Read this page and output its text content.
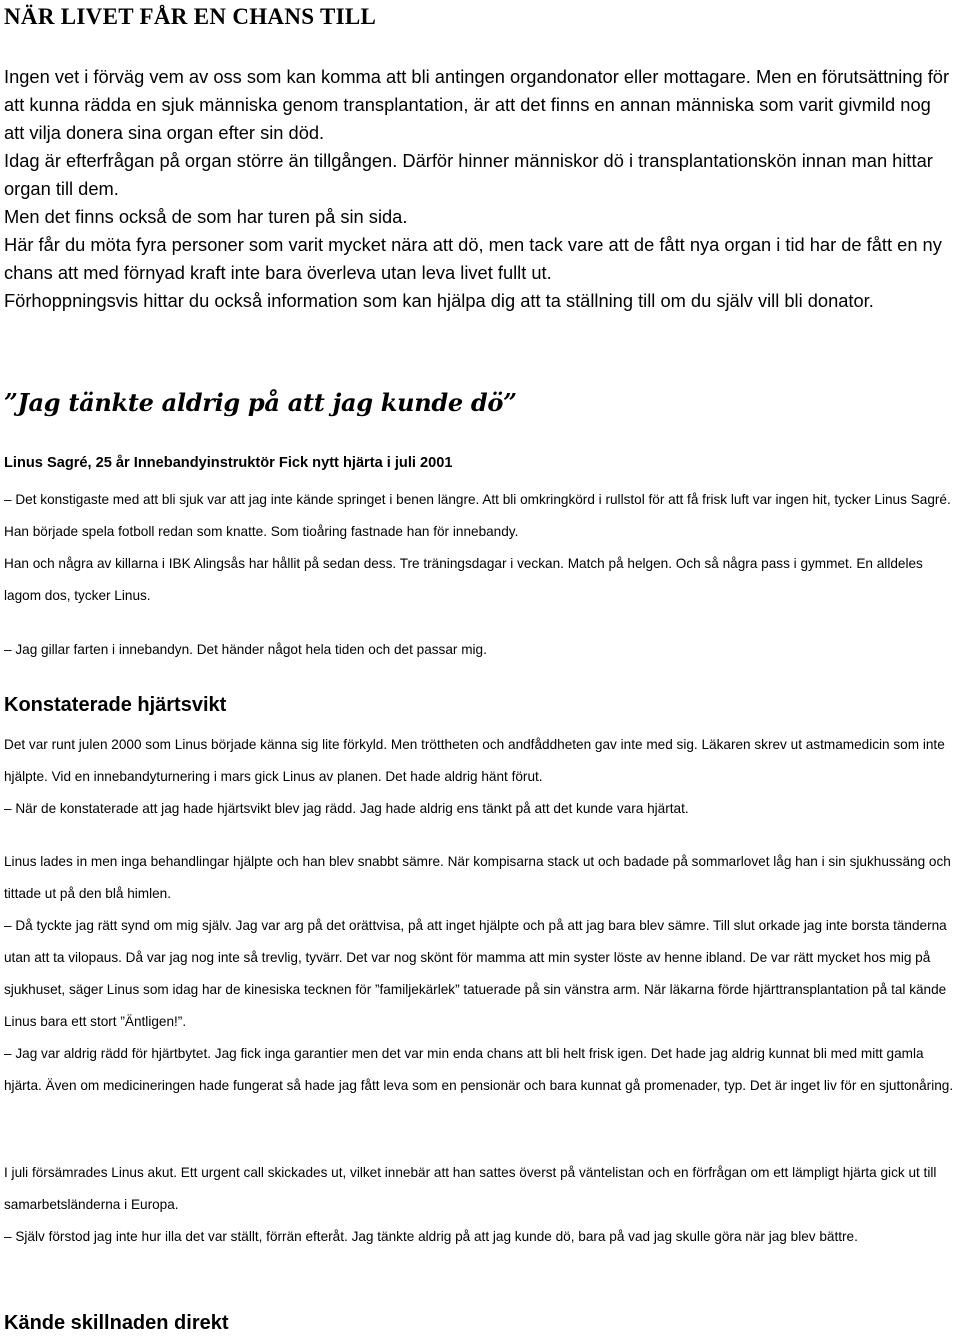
NÄR LIVET FÅR EN CHANS TILL

Ingen vet i förväg vem av oss som kan komma att bli antingen organdonator eller mottagare. Men en förutsättning för att kunna rädda en sjuk människa genom transplantation, är att det finns en annan människa som varit givmild nog att vilja donera sina organ efter sin död.

Idag är efterfrågan på organ större än tillgången. Därför hinner människor dö i transplantationskön innan man hittar organ till dem.

Men det finns också de som har turen på sin sida.

Här får du möta fyra personer som varit mycket nära att dö, men tack vare att de fått nya organ i tid har de fått en ny chans att med förnyad kraft inte bara överleva utan leva livet fullt ut.

Förhoppningsvis hittar du också information som kan hjälpa dig att ta ställning till om du själv vill bli donator.

”Jag tänkte aldrig på att jag kunde dö”

Linus Sagré, 25 år Innebandyinstruktör Fick nytt hjärta i juli 2001

– Det konstigaste med att bli sjuk var att jag inte kände springet i benen längre. Att bli omkringkörd i rullstol för att få frisk luft var ingen hit, tycker Linus Sagré. Han började spela fotboll redan som knatte. Som tioåring fastnade han för innebandy.

Han och några av killarna i IBK Alingsås har hållit på sedan dess. Tre träningsdagar i veckan. Match på helgen. Och så några pass i gymmet. En alldeles lagom dos, tycker Linus.

– Jag gillar farten i innebandyn. Det händer något hela tiden och det passar mig.

Konstaterade hjärtsvikt

Det var runt julen 2000 som Linus började känna sig lite förkyld. Men tröttheten och andfåddheten gav inte med sig. Läkaren skrev ut astmamedicin som inte hjälpte. Vid en innebandyturnering i mars gick Linus av planen. Det hade aldrig hänt förut.

– När de konstaterade att jag hade hjärtsvikt blev jag rädd. Jag hade aldrig ens tänkt på att det kunde vara hjärtat.

Linus lades in men inga behandlingar hjälpte och han blev snabbt sämre. När kompisarna stack ut och badade på sommarlovet låg han i sin sjukhussäng och tittade ut på den blå himlen.

– Då tyckte jag rätt synd om mig själv. Jag var arg på det orättvisa, på att inget hjälpte och på att jag bara blev sämre. Till slut orkade jag inte borsta tänderna utan att ta vilopaus. Då var jag nog inte så trevlig, tyvärr. Det var nog skönt för mamma att min syster löste av henne ibland. De var rätt mycket hos mig på sjukhuset, säger Linus som idag har de kinesiska tecknen för ”familjekärlek” tatuerade på sin vänstra arm. När läkarna förde hjärttransplantation på tal kände Linus bara ett stort ”Äntligen!”.

– Jag var aldrig rädd för hjärtbytet. Jag fick inga garantier men det var min enda chans att bli helt frisk igen. Det hade jag aldrig kunnat bli med mitt gamla hjärta. Även om medicineringen hade fungerat så hade jag fått leva som en pensionär och bara kunnat gå promenader, typ. Det är inget liv för en sjuttonåring.

I juli försämrades Linus akut. Ett urgent call skickades ut, vilket innebär att han sattes överst på väntelistan och en förfrågan om ett lämpligt hjärta gick ut till samarbetsländerna i Europa.

– Själv förstod jag inte hur illa det var ställt, förrän efteråt. Jag tänkte aldrig på att jag kunde dö, bara på vad jag skulle göra när jag blev bättre.

Kände skillnaden direkt
